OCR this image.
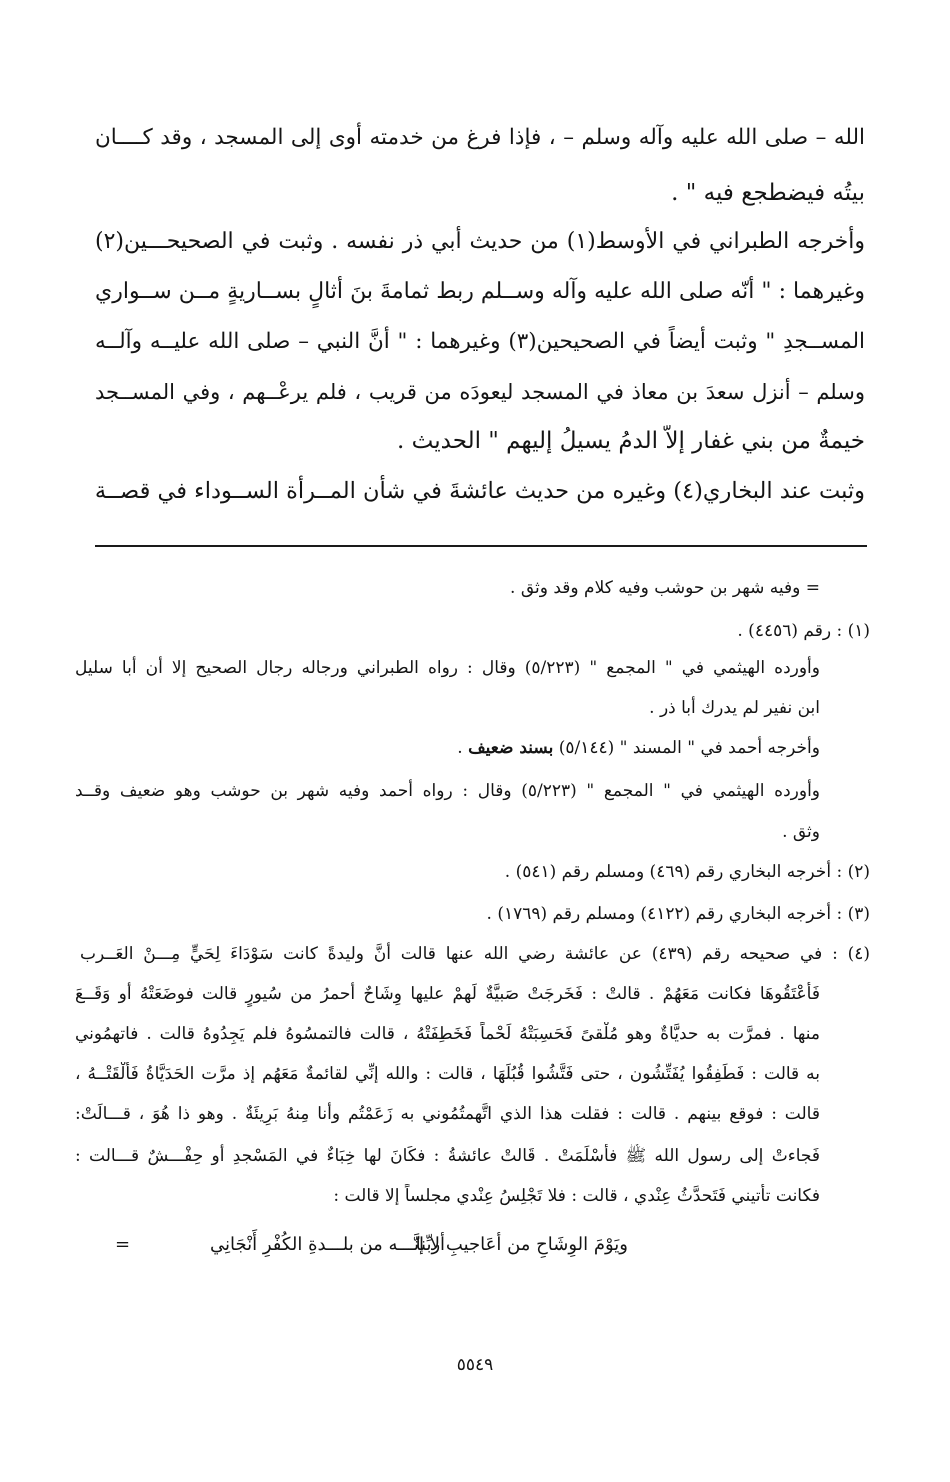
الله – صلى الله عليه وآله وسلم – ، فإذا فرغ من خدمته أوى إلى المسجد ، وقد كــــان
بيتُه فيضطجع فيه " .
وأخرجه الطبراني في الأوسط(١) من حديث أبي ذر نفسه . وثبت في الصحيحـــين(٢)
وغيرهما : " أنّه صلى الله عليه وآله وســلم ربط ثمامةَ بنَ أُثالٍ بســاريةٍ مــن ســواري
المســجدِ " وثبت أيضاً في الصحيحين(٣) وغيرهما : " أنَّ النبي – صلى الله عليــه وآلــه
وسلم – أنزل سعدَ بن معاذ في المسجد ليعودَه من قريب ، فلم يرعْــهم ، وفي المســجد
خيمةٌ من بني غفار إلاَّ الدمُ يسيلُ إليهم " الحديث .
وثبت عند البخاري(٤) وغيره من حديث عائشةَ في شأن المــرأة الســوداء في قصــة
= وفيه شهر بن حوشب وفيه كلام وقد وثق .
(١) : رقم (٤٤٥٦) .
وأورده الهيثمي في " المجمع " (٥/٢٢٣) وقال : رواه الطبراني ورجاله رجال الصحيح إلا أن أبا سليل
ابن نفير لم يدرك أبا ذر .
وأخرجه أحمد في " المسند " (٥/١٤٤) بسند ضعيف .
وأورده الهيثمي في " المجمع " (٥/٢٢٣) وقال : رواه أحمد وفيه شهر بن حوشب وهو ضعيف وقــد
وثق .
(٢) : أخرجه البخاري رقم (٤٦٩) ومسلم رقم (٥٤١) .
(٣) : أخرجه البخاري رقم (٤١٢٢) ومسلم رقم (١٧٦٩) .
(٤) : في صحيحه رقم (٤٣٩) عن عائشة رضي الله عنها قالت أنَّ وليدةً كانت سَوْدَاءَ لِحَيٍّ مِـــنْ العَــرب
فَأَعْتَقُوهَا فكانت مَعَهُمْ . قالتْ : فَخَرجَتْ صَبيَّةٌ لَهمْ عليها وِشَاحٌ أَحمرُ من سُيورٍ قالت فوضَعَتْهُ أو وَقَــعَ
منها . فمرَّت به حديَّاةٌ وهو مُلْقىً فَحَسِبَتْهُ لَحْماً فَخَطِفَتْهُ ، قالت فالتمسُوهُ فلم يَجِدُوهُ قالت . فاتهمُوني
به قالت : فَطَفِقُوا يُفَتِّشُون ، حتى فَتَّشُوا قُبُلَهَا ، قالت : والله إنِّي لقائمةٌ مَعَهُم إذ مرَّت الحَدَيَّاةُ فَأَلْقَتْــهُ ،
قالت : فوقع بينهم . قالت : فقلت هذا الذي اتَّهمتُمُوني به زَعَمْتُم وأنا مِنهُ بَرِيئَةٌ . وهو ذا هُوَ ، قـــالَتْ:
فَجاءتْ إلى رسول الله ﷺ فأَسْلَمَتْ . قَالتْ عائشةُ : فكَانَ لها خِبَاءٌ في المَسْجدِ أو حِفْـــشٌ قـــالت :
فكانت تأتيني فَتَحدَّثُ عِنْدي ، قالت : فلا تَجْلِسُ عِنْدي مجلساً إلا قالت :
ويَوْمَ الوِشَاحِ من أعَاجيبِ ربِّنا
ألا إنَّـــه من بلـــدةِ الكُفْرِ أَنْجَانِي
=
٥٥٤٩
